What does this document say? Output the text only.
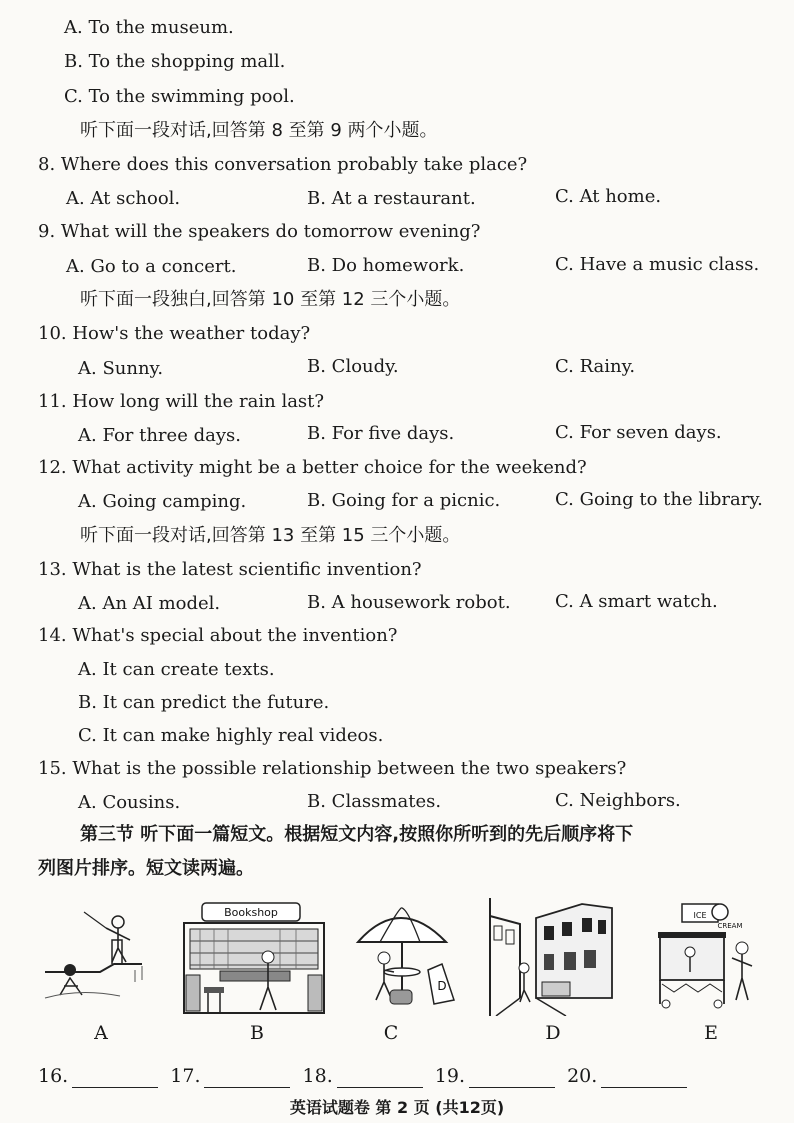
A. To the museum.
B. To the shopping mall.
C. To the swimming pool.
听下面一段对话,回答第 8 至第 9 两个小题。
8. Where does this conversation probably take place?
A. At school.	B. At a restaurant.	C. At home.
9. What will the speakers do tomorrow evening?
A. Go to a concert.	B. Do homework.	C. Have a music class.
听下面一段独白,回答第 10 至第 12 三个小题。
10. How's the weather today?
A. Sunny.	B. Cloudy.	C. Rainy.
11. How long will the rain last?
A. For three days.	B. For five days.	C. For seven days.
12. What activity might be a better choice for the weekend?
A. Going camping.	B. Going for a picnic.	C. Going to the library.
听下面一段对话,回答第 13 至第 15 三个小题。
13. What is the latest scientific invention?
A. An AI model.	B. A housework robot. C. A smart watch.
14. What's special about the invention?
A. It can create texts.
B. It can predict the future.
C. It can make highly real videos.
15. What is the possible relationship between the two speakers?
A. Cousins.	B. Classmates.	C. Neighbors.
第三节 听下面一篇短文。根据短文内容,按照你所听到的先后顺序将下
列图片排序。短文读两遍。
A
Bookshop
B
D
C	D
ICE
CREAM
E
16.	17.	18.	19.	20.
英语试题卷 第 2 页 (共12页)
